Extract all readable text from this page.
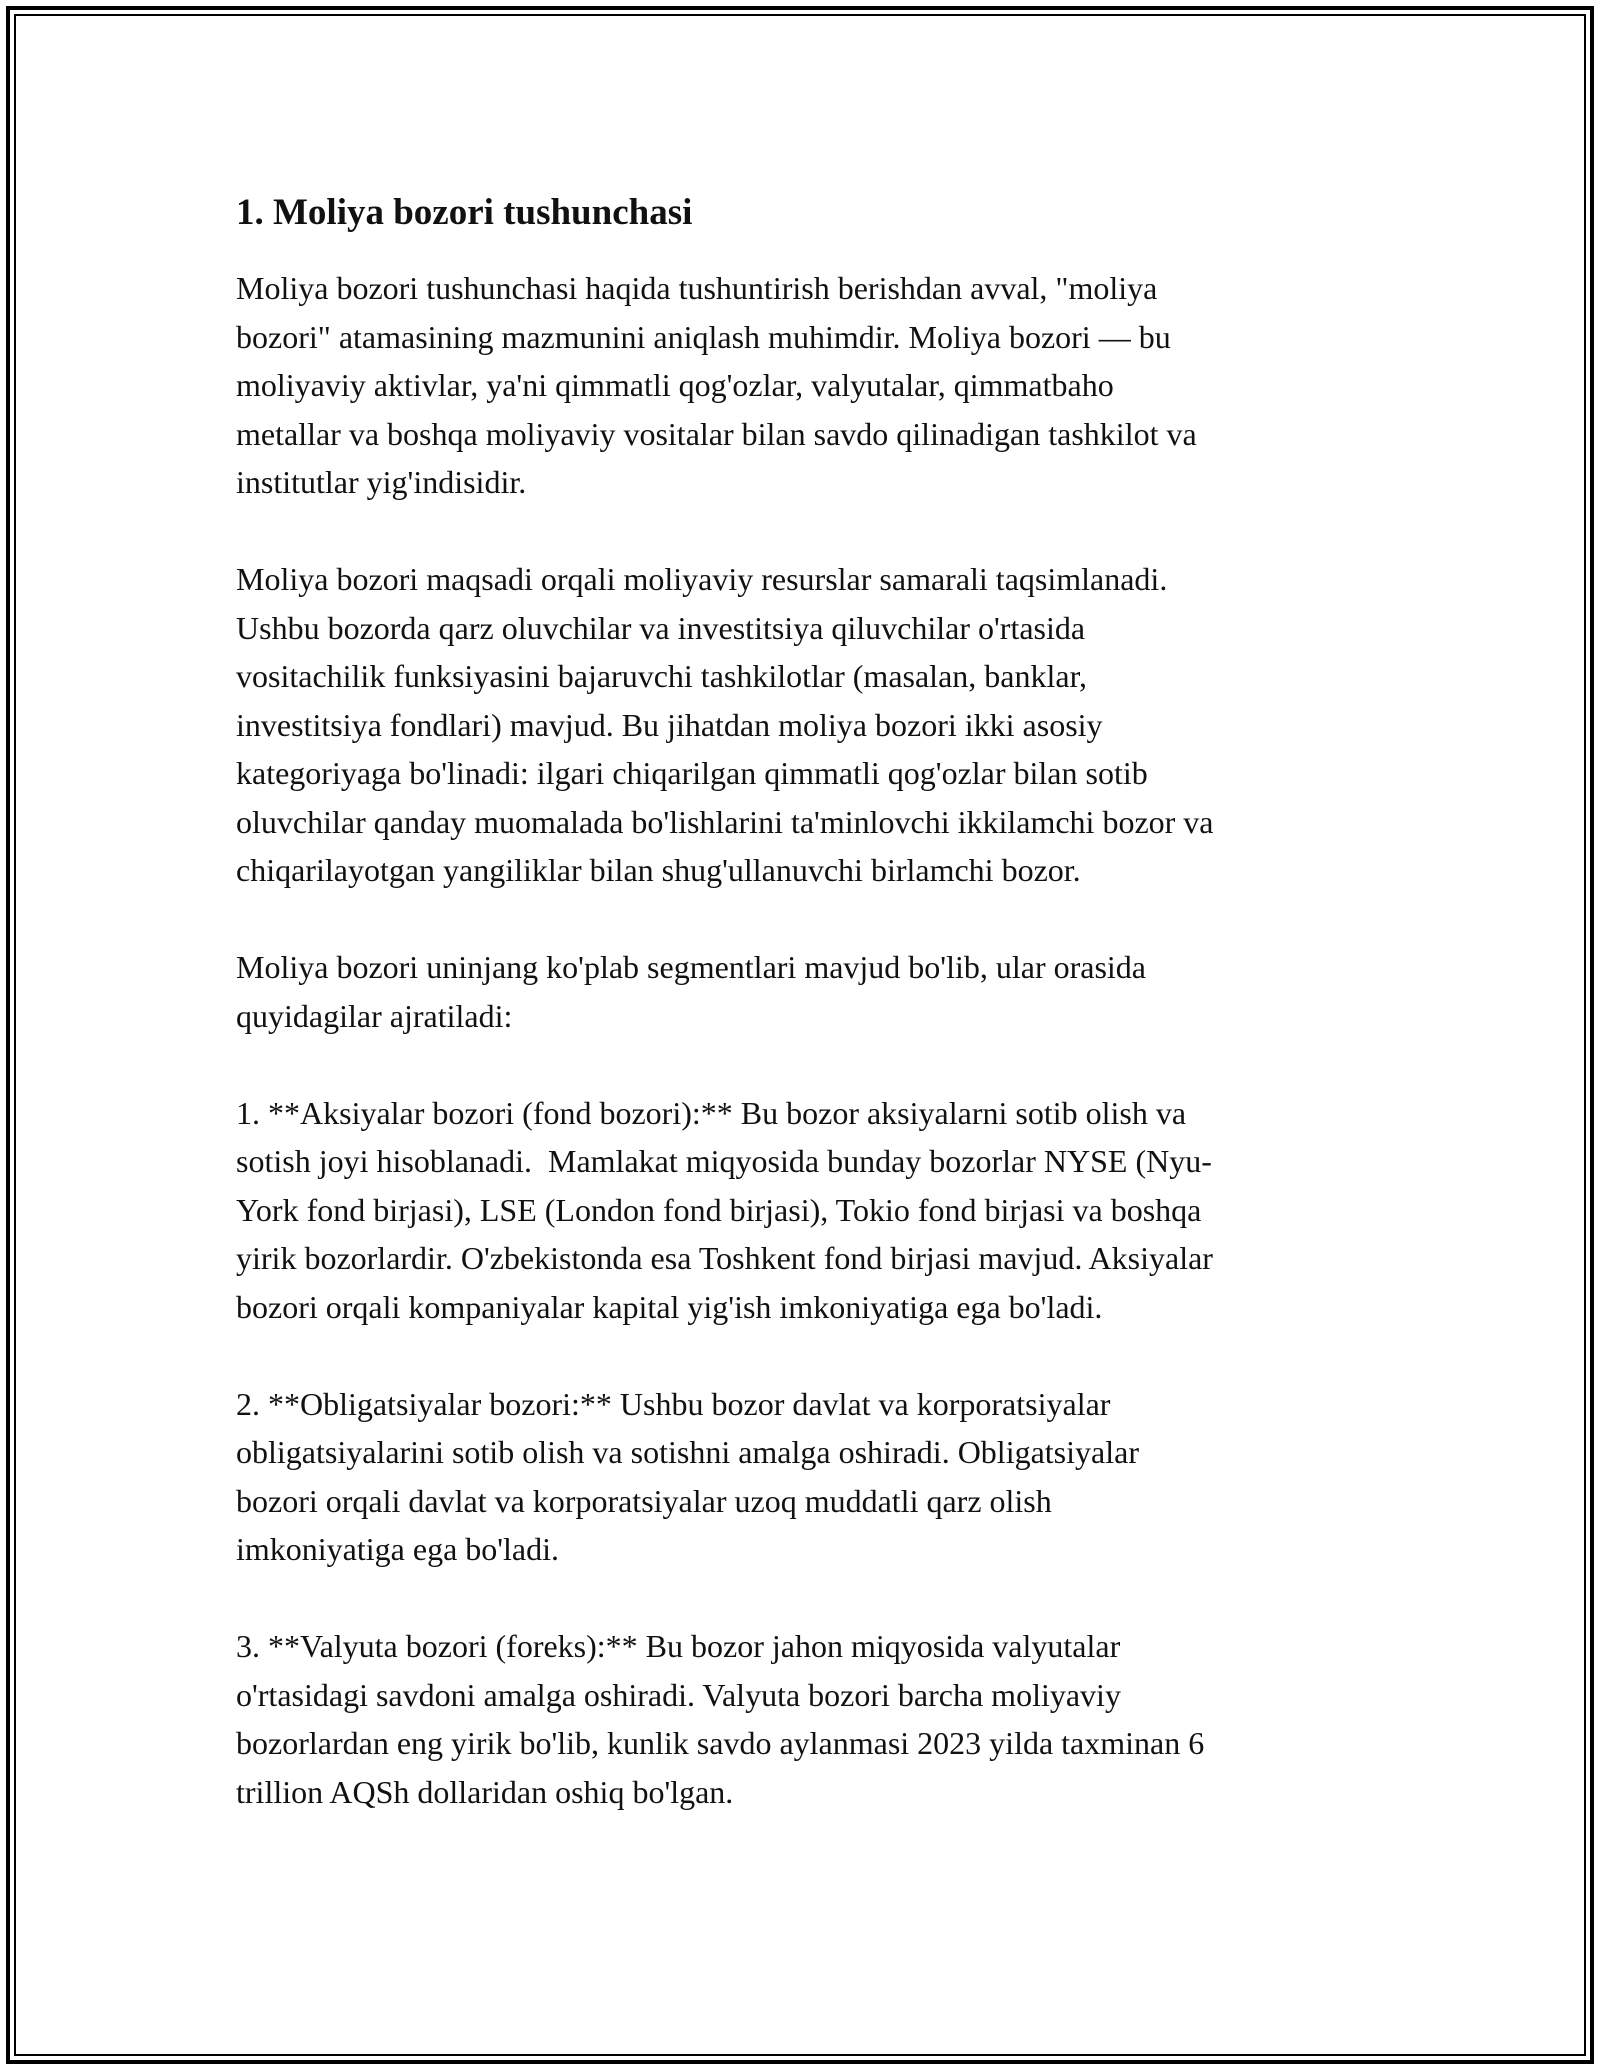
1. Moliya bozori tushunchasi

Moliya bozori tushunchasi haqida tushuntirish berishdan avval, "moliya
bozori" atamasining mazmunini aniqlash muhimdir. Moliya bozori — bu
moliyaviy aktivlar, ya'ni qimmatli qog'ozlar, valyutalar, qimmatbaho
metallar va boshqa moliyaviy vositalar bilan savdo qilinadigan tashkilot va
institutlar yig'indisidir.

Moliya bozori maqsadi orqali moliyaviy resurslar samarali taqsimlanadi.
Ushbu bozorda qarz oluvchilar va investitsiya qiluvchilar o'rtasida
vositachilik funksiyasini bajaruvchi tashkilotlar (masalan, banklar,
investitsiya fondlari) mavjud. Bu jihatdan moliya bozori ikki asosiy
kategoriyaga bo'linadi: ilgari chiqarilgan qimmatli qog'ozlar bilan sotib
oluvchilar qanday muomalada bo'lishlarini ta'minlovchi ikkilamchi bozor va
chiqarilayotgan yangiliklar bilan shug'ullanuvchi birlamchi bozor.

Moliya bozori uninjang ko'plab segmentlari mavjud bo'lib, ular orasida
quyidagilar ajratiladi:

1. **Aksiyalar bozori (fond bozori):** Bu bozor aksiyalarni sotib olish va
sotish joyi hisoblanadi.  Mamlakat miqyosida bunday bozorlar NYSE (Nyu-
York fond birjasi), LSE (London fond birjasi), Tokio fond birjasi va boshqa
yirik bozorlardir. O'zbekistonda esa Toshkent fond birjasi mavjud. Aksiyalar
bozori orqali kompaniyalar kapital yig'ish imkoniyatiga ega bo'ladi.

2. **Obligatsiyalar bozori:** Ushbu bozor davlat va korporatsiyalar
obligatsiyalarini sotib olish va sotishni amalga oshiradi. Obligatsiyalar
bozori orqali davlat va korporatsiyalar uzoq muddatli qarz olish
imkoniyatiga ega bo'ladi.

3. **Valyuta bozori (foreks):** Bu bozor jahon miqyosida valyutalar
o'rtasidagi savdoni amalga oshiradi. Valyuta bozori barcha moliyaviy
bozorlardan eng yirik bo'lib, kunlik savdo aylanmasi 2023 yilda taxminan 6
trillion AQSh dollaridan oshiq bo'lgan.
